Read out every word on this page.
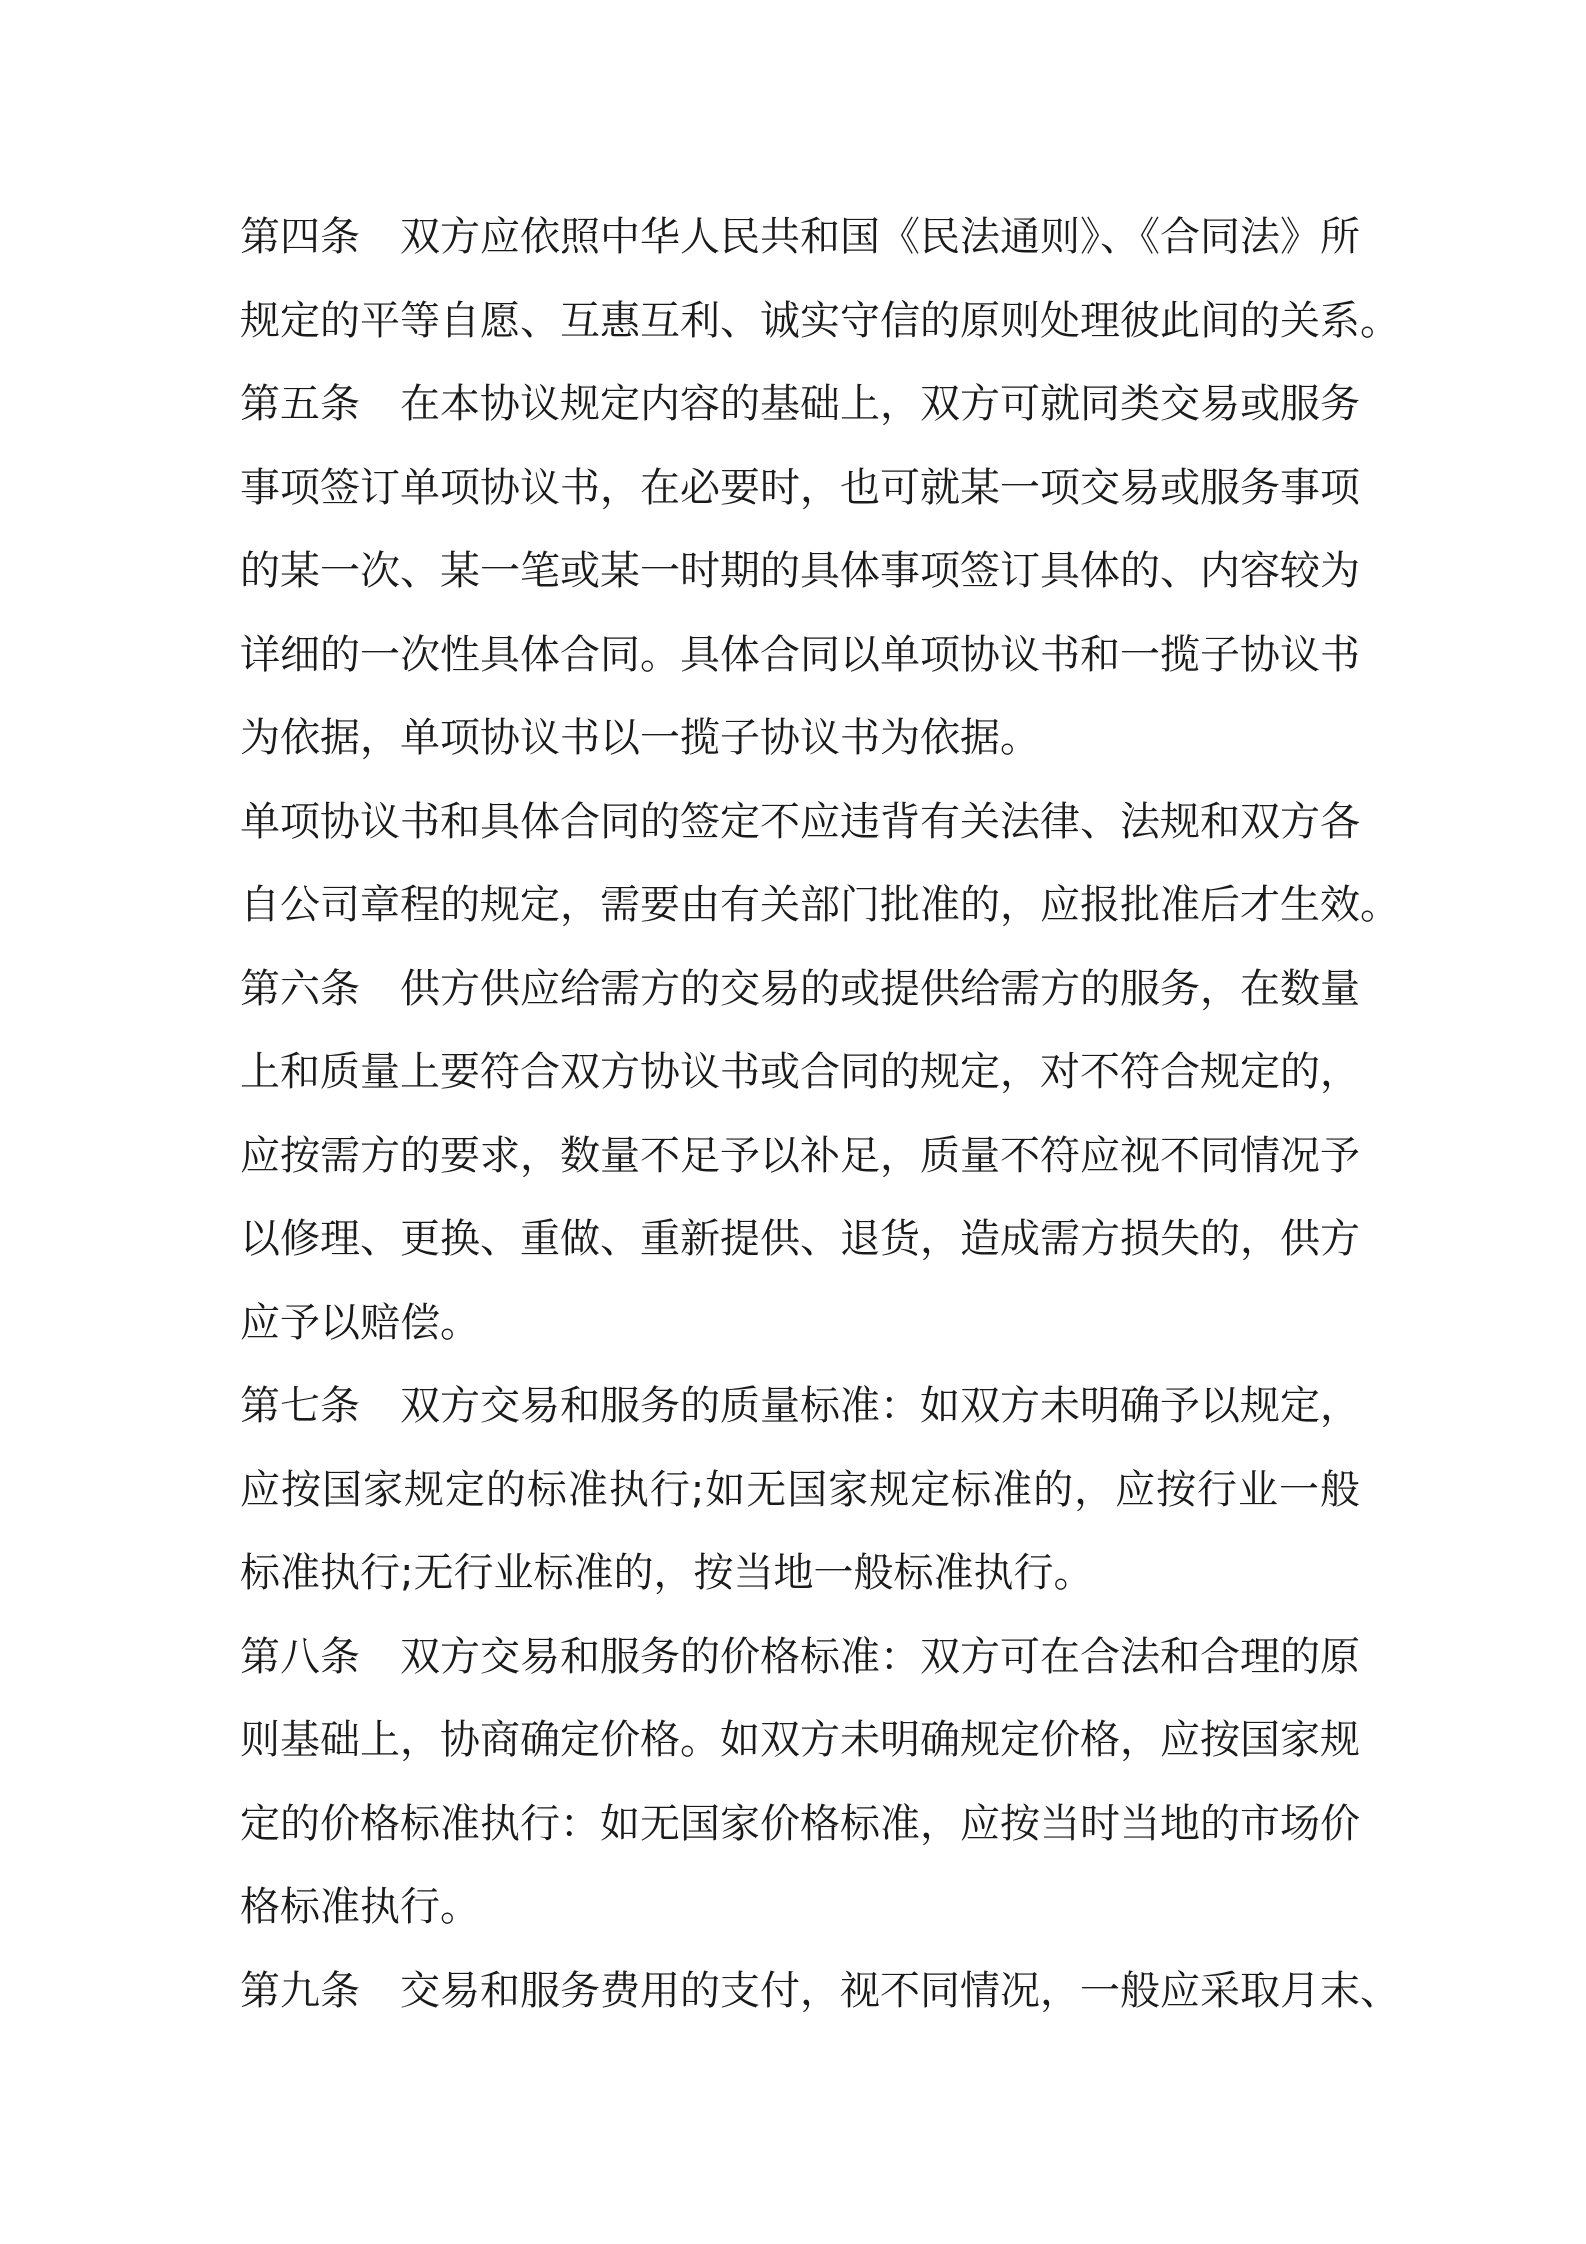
第四条　双方应依照中华人民共和国《民法通则》、《合同法》所
规定的平等自愿、互惠互利、诚实守信的原则处理彼此间的关系。
第五条　在本协议规定内容的基础上，双方可就同类交易或服务
事项签订单项协议书，在必要时，也可就某一项交易或服务事项
的某一次、某一笔或某一时期的具体事项签订具体的、内容较为
详细的一次性具体合同。具体合同以单项协议书和一揽子协议书
为依据，单项协议书以一揽子协议书为依据。
单项协议书和具体合同的签定不应违背有关法律、法规和双方各
自公司章程的规定，需要由有关部门批准的，应报批准后才生效。
第六条　供方供应给需方的交易的或提供给需方的服务，在数量
上和质量上要符合双方协议书或合同的规定，对不符合规定的，
应按需方的要求，数量不足予以补足，质量不符应视不同情况予
以修理、更换、重做、重新提供、退货，造成需方损失的，供方
应予以赔偿。
第七条　双方交易和服务的质量标准：如双方未明确予以规定，
应按国家规定的标准执行;如无国家规定标准的，应按行业一般
标准执行;无行业标准的，按当地一般标准执行。
第八条　双方交易和服务的价格标准：双方可在合法和合理的原
则基础上，协商确定价格。如双方未明确规定价格，应按国家规
定的价格标准执行：如无国家价格标准，应按当时当地的市场价
格标准执行。
第九条　交易和服务费用的支付，视不同情况，一般应采取月末、
